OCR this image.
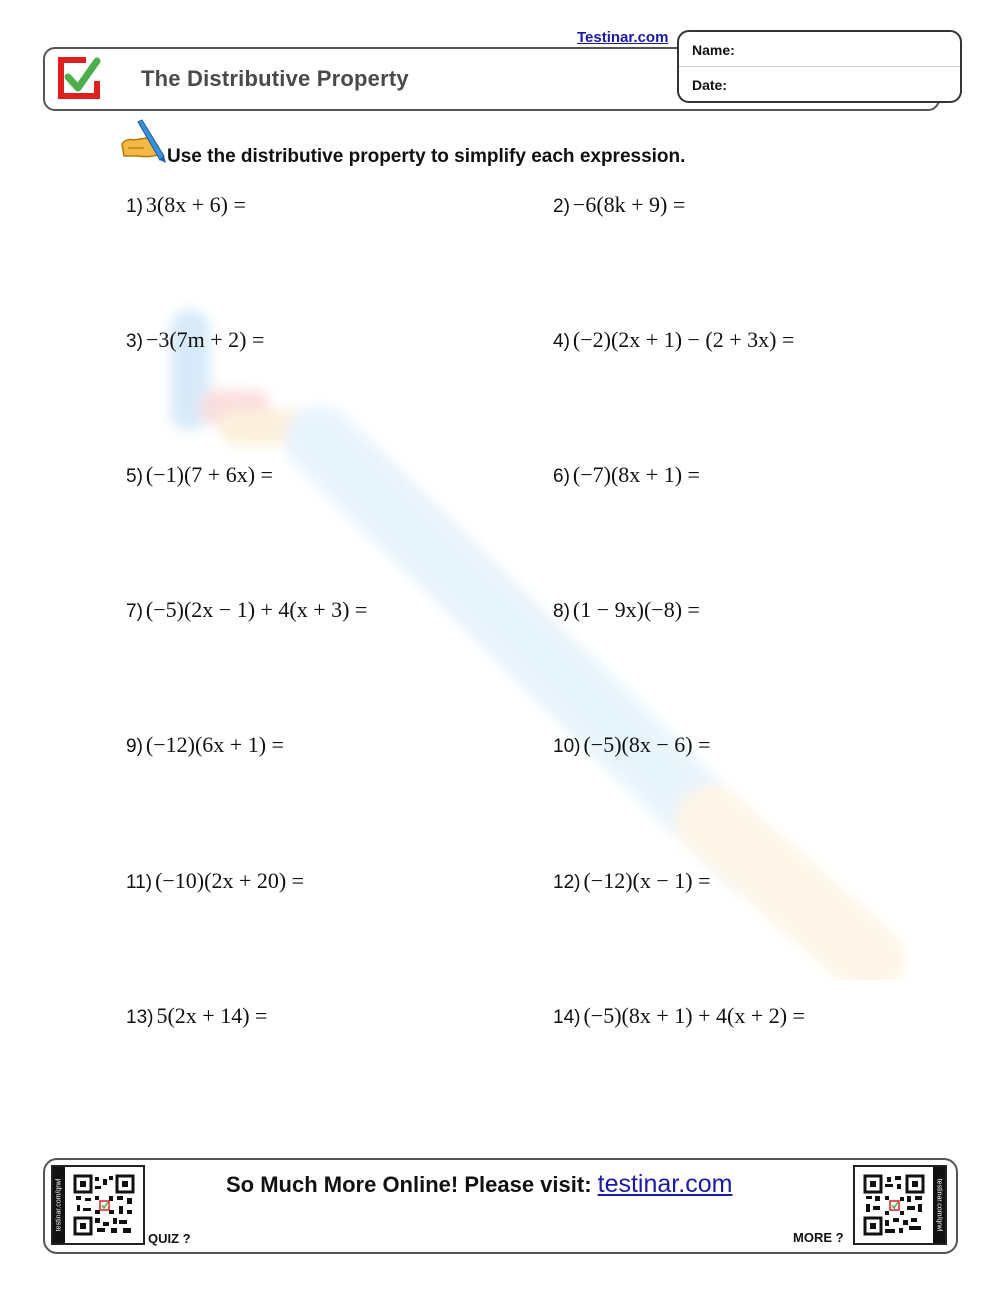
The Distributive Property
Testinar.com
Name:
Date:
Use the distributive property to simplify each expression.
1) 3(8x + 6) =	2) −6(8k + 9) =
3) −3(7m + 2) =	4) (−2)(2x + 1) − (2 + 3x) =
5) (−1)(7 + 6x) =	6) (−7)(8x + 1) =
7) (−5)(2x − 1) + 4(x + 3) =	8) (1 − 9x)(−8) =
9) (−12)(6x + 1) =	10) (−5)(8x − 6) =
11) (−10)(2x + 20) =	12) (−12)(x − 1) =
13) 5(2x + 14) =	14) (−5)(8x + 1) + 4(x + 2) =
testinar.com/qrwl
QUIZ ?
So Much More Online! Please visit: testinar.com
MORE ?
testinar.com/qrwl
